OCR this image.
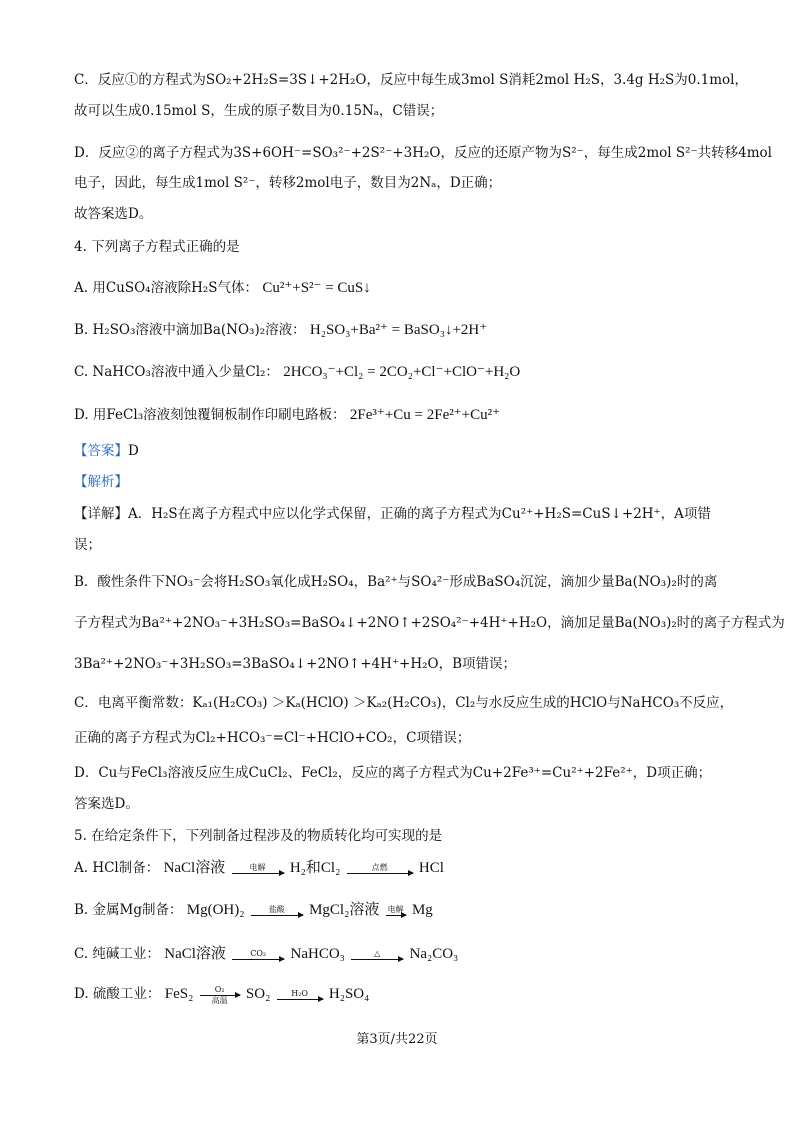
C．反应①的方程式为SO₂+2H₂S=3S↓+2H₂O，反应中每生成3mol S消耗2mol H₂S，3.4g H₂S为0.1mol，
故可以生成0.15mol S，生成的原子数目为0.15Nₐ，C错误；
D．反应②的离子方程式为3S+6OH⁻=SO₃²⁻+2S²⁻+3H₂O，反应的还原产物为S²⁻，每生成2mol S²⁻共转移4mol
电子，因此，每生成1mol S²⁻，转移2mol电子，数目为2Nₐ，D正确；
故答案选D。
4. 下列离子方程式正确的是
A. 用CuSO₄溶液除H₂S气体： Cu²⁺+S²⁻ = CuS↓
B. H₂SO₃溶液中滴加Ba(NO₃)₂溶液： H₂SO₃+Ba²⁺ = BaSO₃↓+2H⁺
C. NaHCO₃溶液中通入少量Cl₂： 2HCO₃⁻+Cl₂ = 2CO₂+Cl⁻+ClO⁻+H₂O
D. 用FeCl₃溶液刻蚀覆铜板制作印刷电路板： 2Fe³⁺+Cu = 2Fe²⁺+Cu²⁺
【答案】D
【解析】
【详解】A．H₂S在离子方程式中应以化学式保留，正确的离子方程式为Cu²⁺+H₂S=CuS↓+2H⁺，A项错
误；
B．酸性条件下NO₃⁻会将H₂SO₃氧化成H₂SO₄，Ba²⁺与SO₄²⁻形成BaSO₄沉淀，滴加少量Ba(NO₃)₂时的离
子方程式为Ba²⁺+2NO₃⁻+3H₂SO₃=BaSO₄↓+2NO↑+2SO₄²⁻+4H⁺+H₂O，滴加足量Ba(NO₃)₂时的离子方程式为
3Ba²⁺+2NO₃⁻+3H₂SO₃=3BaSO₄↓+2NO↑+4H⁺+H₂O，B项错误；
C．电离平衡常数：Kₐ₁(H₂CO₃) ＞Kₐ(HClO) ＞Kₐ₂(H₂CO₃)，Cl₂与水反应生成的HClO与NaHCO₃不反应，
正确的离子方程式为Cl₂+HCO₃⁻=Cl⁻+HClO+CO₂，C项错误；
D．Cu与FeCl₃溶液反应生成CuCl₂、FeCl₂，反应的离子方程式为Cu+2Fe³⁺=Cu²⁺+2Fe²⁺，D项正确；
答案选D。
5. 在给定条件下，下列制备过程涉及的物质转化均可实现的是
A. HCl制备： NaCl溶液	电解	H₂和Cl₂	点燃	HCl
B. 金属Mg制备： Mg(OH)₂	盐酸	MgCl₂溶液 电解 Mg
C. 纯碱工业： NaCl溶液	CO₂	NaHCO₃	△	Na₂CO₃
D. 硫酸工业： FeS₂	O₂
高温	SO₂	H₂O	H₂SO₄
第3页/共22页
